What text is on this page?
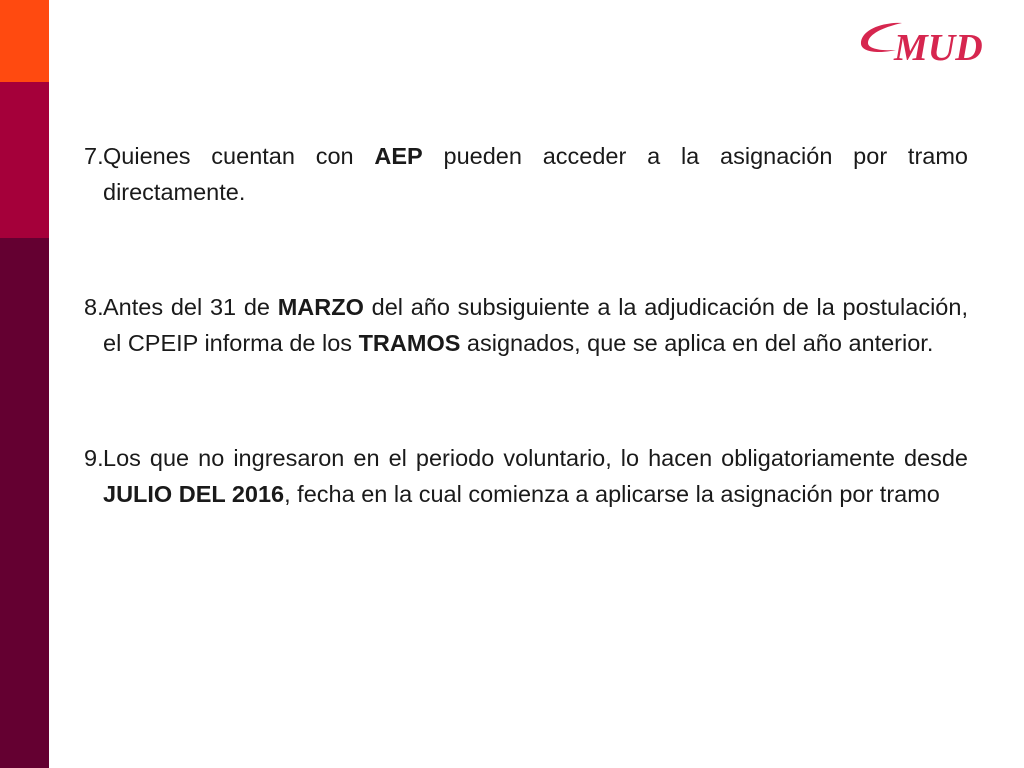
MUD
7. Quienes cuentan con AEP pueden acceder a la asignación por tramo directamente.
8. Antes del 31 de MARZO del año subsiguiente a la adjudicación de la postulación, el CPEIP informa de los TRAMOS asignados, que se aplica en del año anterior.
9. Los que no ingresaron en el periodo voluntario, lo hacen obligatoriamente desde JULIO DEL 2016, fecha en la cual comienza a aplicarse la asignación por tramo
